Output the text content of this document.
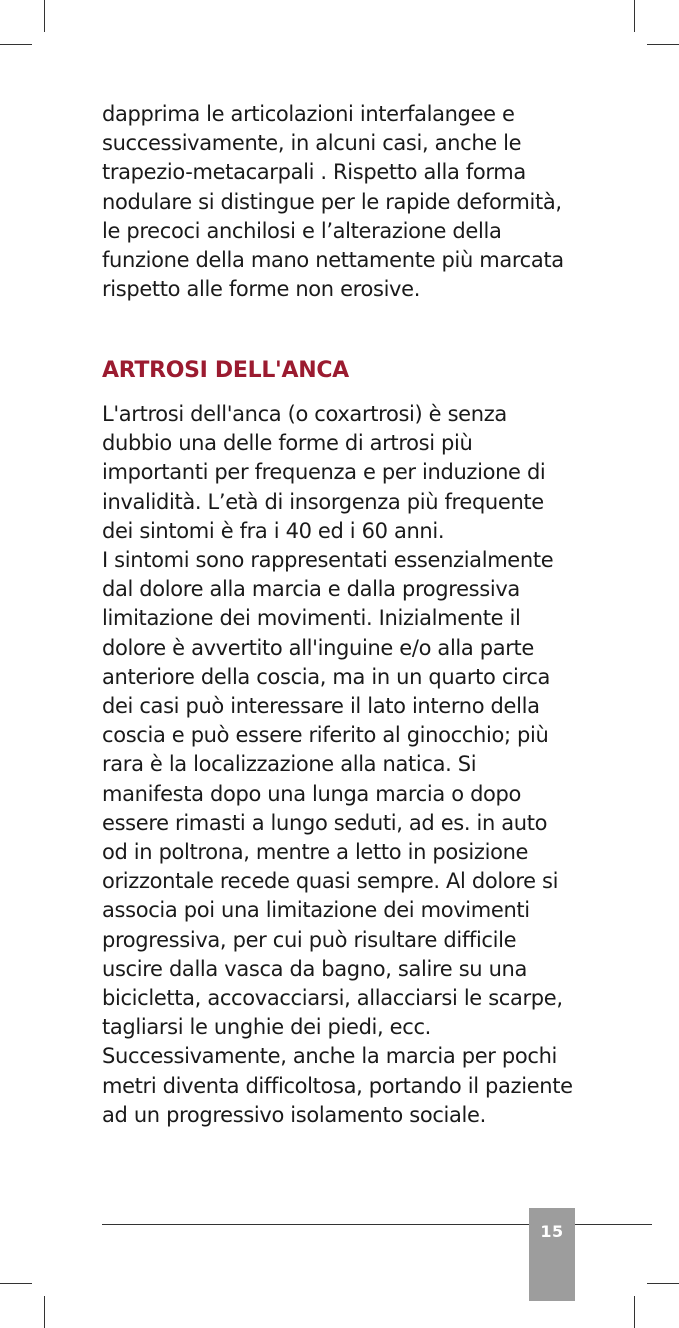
dapprima le articolazioni interfalangee e
successivamente, in alcuni casi, anche le
trapezio-metacarpali . Rispetto alla forma
nodulare si distingue per le rapide deformità,
le precoci anchilosi e l’alterazione della
funzione della mano nettamente più marcata
rispetto alle forme non erosive.

ARTROSI DELL'ANCA

L'artrosi dell'anca (o coxartrosi) è senza
dubbio una delle forme di artrosi più
importanti per frequenza e per induzione di
invalidità. L’età di insorgenza più frequente
dei sintomi è fra i 40 ed i 60 anni.
I sintomi sono rappresentati essenzialmente
dal dolore alla marcia e dalla progressiva
limitazione dei movimenti. Inizialmente il
dolore è avvertito all'inguine e/o alla parte
anteriore della coscia, ma in un quarto circa
dei casi può interessare il lato interno della
coscia e può essere riferito al ginocchio; più
rara è la localizzazione alla natica. Si
manifesta dopo una lunga marcia o dopo
essere rimasti a lungo seduti, ad es. in auto
od in poltrona, mentre a letto in posizione
orizzontale recede quasi sempre. Al dolore si
associa poi una limitazione dei movimenti
progressiva, per cui può risultare difficile
uscire dalla vasca da bagno, salire su una
bicicletta, accovacciarsi, allacciarsi le scarpe,
tagliarsi le unghie dei piedi, ecc.
Successivamente, anche la marcia per pochi
metri diventa difficoltosa, portando il paziente
ad un progressivo isolamento sociale.

15
